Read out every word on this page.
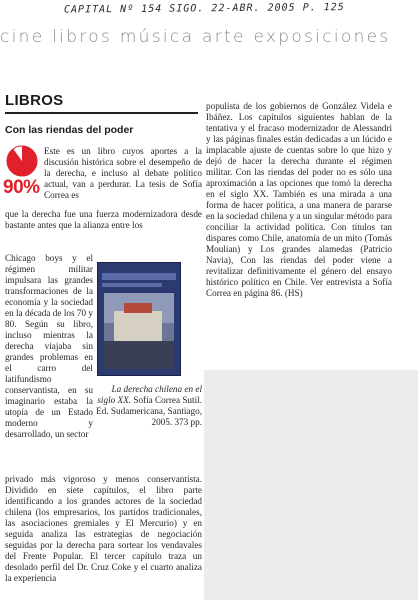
CAPITAL Nº 154 SIGO. 22-ABR. 2005 P. 125
cine libros música arte exposiciones
LIBROS
Con las riendas del poder
90%

Este es un libro cuyos aportes a la discusión histórica sobre el desempeño de la derecha, e incluso al debate político actual, van a perdurar. La tesis de Sofía Correa es

que la derecha fue una fuerza modernizadora desde bastante antes que la alianza entre los

Chicago boys y el régimen militar impulsara las grandes transformaciones de la economía y la sociedad en la década de los 70 y 80. Según su libro, incluso mientras la derecha viajaba sin grandes problemas en el carro del latifundismo conservantista, en su imaginario estaba la utopía de un Estado moderno y desarrollado, un sector

La derecha chilena en el siglo XX. Sofía Correa Sutil. Ed. Sudamericana, Santiago, 2005. 373 pp.

privado más vigoroso y menos conservantista. Dividido en siete capítulos, el libro parte identificando a los grandes actores de la sociedad chilena (los empresarios, los partidos tradicionales, las asociaciones gremiales y El Mercurio) y en seguida analiza las estrategias de negociación seguidas por la derecha para sortear los vendavales del Frente Popular. El tercer capítulo traza un desolado perfil del Dr. Cruz Coke y el cuarto analiza la experiencia

populista de los gobiernos de González Videla e Ibáñez. Los capítulos siguientes hablan de la tentativa y el fracaso modernizador de Alessandri y las páginas finales están dedicadas a un lúcido e implacable ajuste de cuentas sobre lo que hizo y dejó de hacer la derecha durante el régimen militar. Con las riendas del poder no es sólo una aproximación a las opciones que tomó la derecha en el siglo XX. También es una mirada a una forma de hacer política, a una manera de pararse en la sociedad chilena y a un singular método para conciliar la actividad política. Con títulos tan dispares como Chile, anatomía de un mito (Tomás Moulian) y Los grandes alamedas (Patricio Navia), Con las riendas del poder viene a revitalizar definitivamente el género del ensayo histórico político en Chile. Ver entrevista a Sofía Correa en página 86. (HS)
